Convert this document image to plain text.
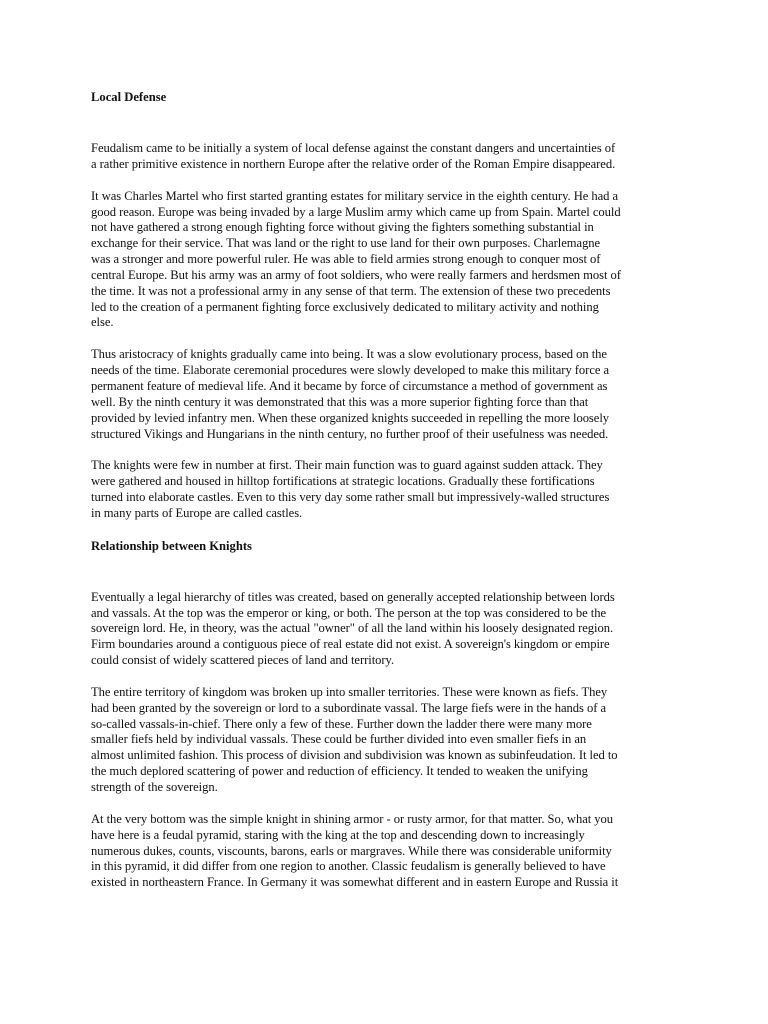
Local Defense
Feudalism came to be initially a system of local defense against the constant dangers and uncertainties of
a rather primitive existence in northern Europe after the relative order of the Roman Empire disappeared.
It was Charles Martel who first started granting estates for military service in the eighth century. He had a
good reason. Europe was being invaded by a large Muslim army which came up from Spain. Martel could
not have gathered a strong enough fighting force without giving the fighters something substantial in
exchange for their service. That was land or the right to use land for their own purposes. Charlemagne
was a stronger and more powerful ruler. He was able to field armies strong enough to conquer most of
central Europe. But his army was an army of foot soldiers, who were really farmers and herdsmen most of
the time. It was not a professional army in any sense of that term. The extension of these two precedents
led to the creation of a permanent fighting force exclusively dedicated to military activity and nothing
else.
Thus aristocracy of knights gradually came into being. It was a slow evolutionary process, based on the
needs of the time. Elaborate ceremonial procedures were slowly developed to make this military force a
permanent feature of medieval life. And it became by force of circumstance a method of government as
well. By the ninth century it was demonstrated that this was a more superior fighting force than that
provided by levied infantry men. When these organized knights succeeded in repelling the more loosely
structured Vikings and Hungarians in the ninth century, no further proof of their usefulness was needed.
The knights were few in number at first. Their main function was to guard against sudden attack. They
were gathered and housed in hilltop fortifications at strategic locations. Gradually these fortifications
turned into elaborate castles. Even to this very day some rather small but impressively-walled structures
in many parts of Europe are called castles.
Relationship between Knights
Eventually a legal hierarchy of titles was created, based on generally accepted relationship between lords
and vassals. At the top was the emperor or king, or both. The person at the top was considered to be the
sovereign lord. He, in theory, was the actual "owner" of all the land within his loosely designated region.
Firm boundaries around a contiguous piece of real estate did not exist. A sovereign's kingdom or empire
could consist of widely scattered pieces of land and territory.
The entire territory of kingdom was broken up into smaller territories. These were known as fiefs. They
had been granted by the sovereign or lord to a subordinate vassal. The large fiefs were in the hands of a
so-called vassals-in-chief. There only a few of these. Further down the ladder there were many more
smaller fiefs held by individual vassals. These could be further divided into even smaller fiefs in an
almost unlimited fashion. This process of division and subdivision was known as subinfeudation. It led to
the much deplored scattering of power and reduction of efficiency. It tended to weaken the unifying
strength of the sovereign.
At the very bottom was the simple knight in shining armor - or rusty armor, for that matter. So, what you
have here is a feudal pyramid, staring with the king at the top and descending down to increasingly
numerous dukes, counts, viscounts, barons, earls or margraves. While there was considerable uniformity
in this pyramid, it did differ from one region to another. Classic feudalism is generally believed to have
existed in northeastern France. In Germany it was somewhat different and in eastern Europe and Russia it
